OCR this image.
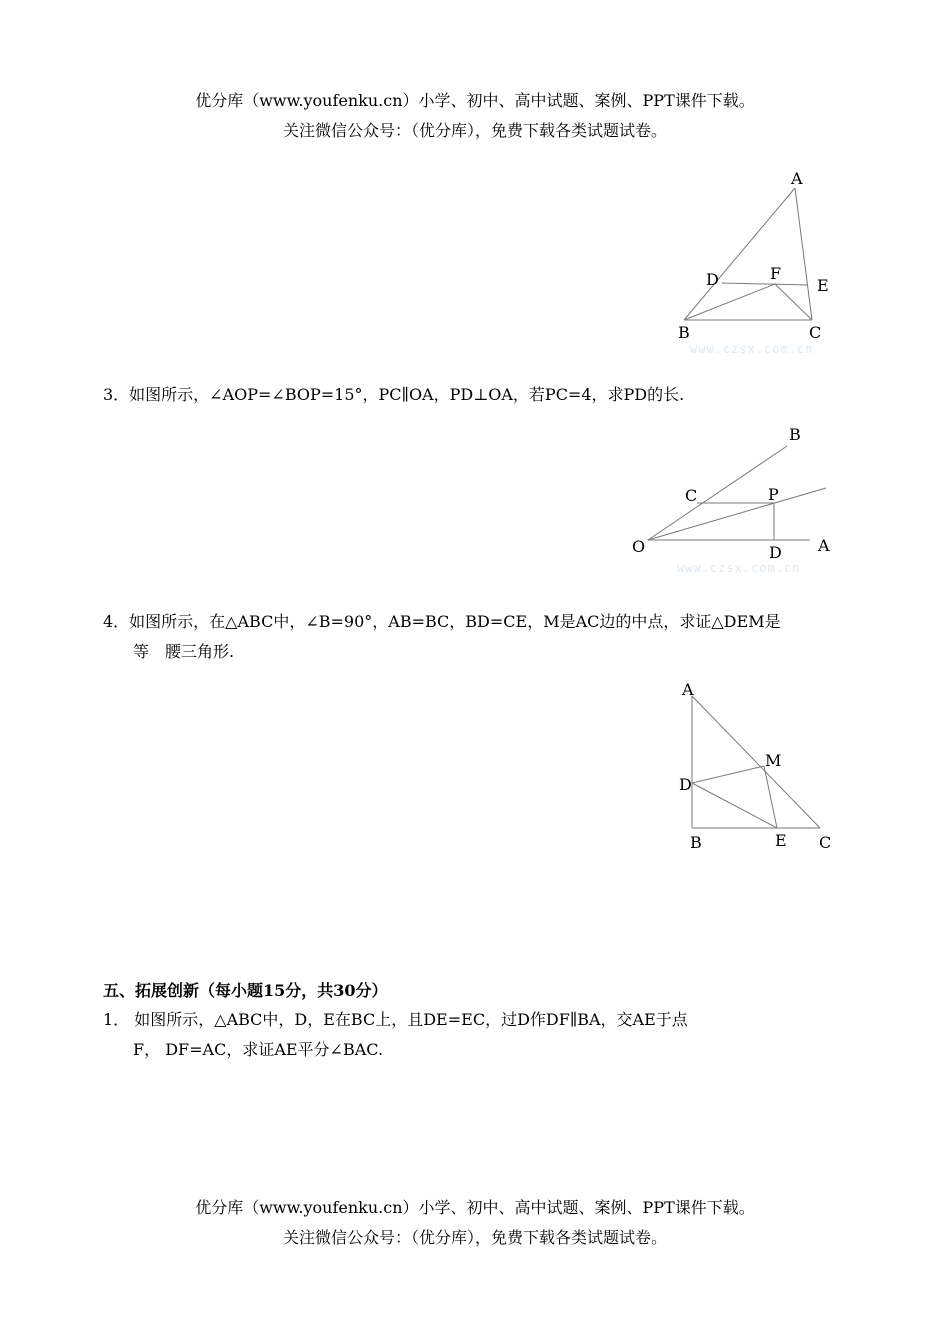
优分库（www.youfenku.cn）小学、初中、高中试题、案例、PPT课件下载。
关注微信公众号：（优分库），免费下载各类试题试卷。
A
D	F
E
B	C
www.czsx.com.cn
3．如图所示，∠AOP=∠BOP=15°，PC∥OA，PD⊥OA，若PC=4，求PD的长.
B
C	P
O	D A
www.czsx.com.cn
4．如图所示，在△ABC中，∠B=90°，AB=BC，BD=CE，M是AC边的中点，求证△DEM是
等　腰三角形.
A
M
D
B	E C
五、拓展创新（每小题15分，共30分）
1． 如图所示，△ABC中，D，E在BC上，且DE=EC，过D作DF∥BA，交AE于点
F， DF=AC，求证AE平分∠BAC.
优分库（www.youfenku.cn）小学、初中、高中试题、案例、PPT课件下载。
关注微信公众号：（优分库），免费下载各类试题试卷。
